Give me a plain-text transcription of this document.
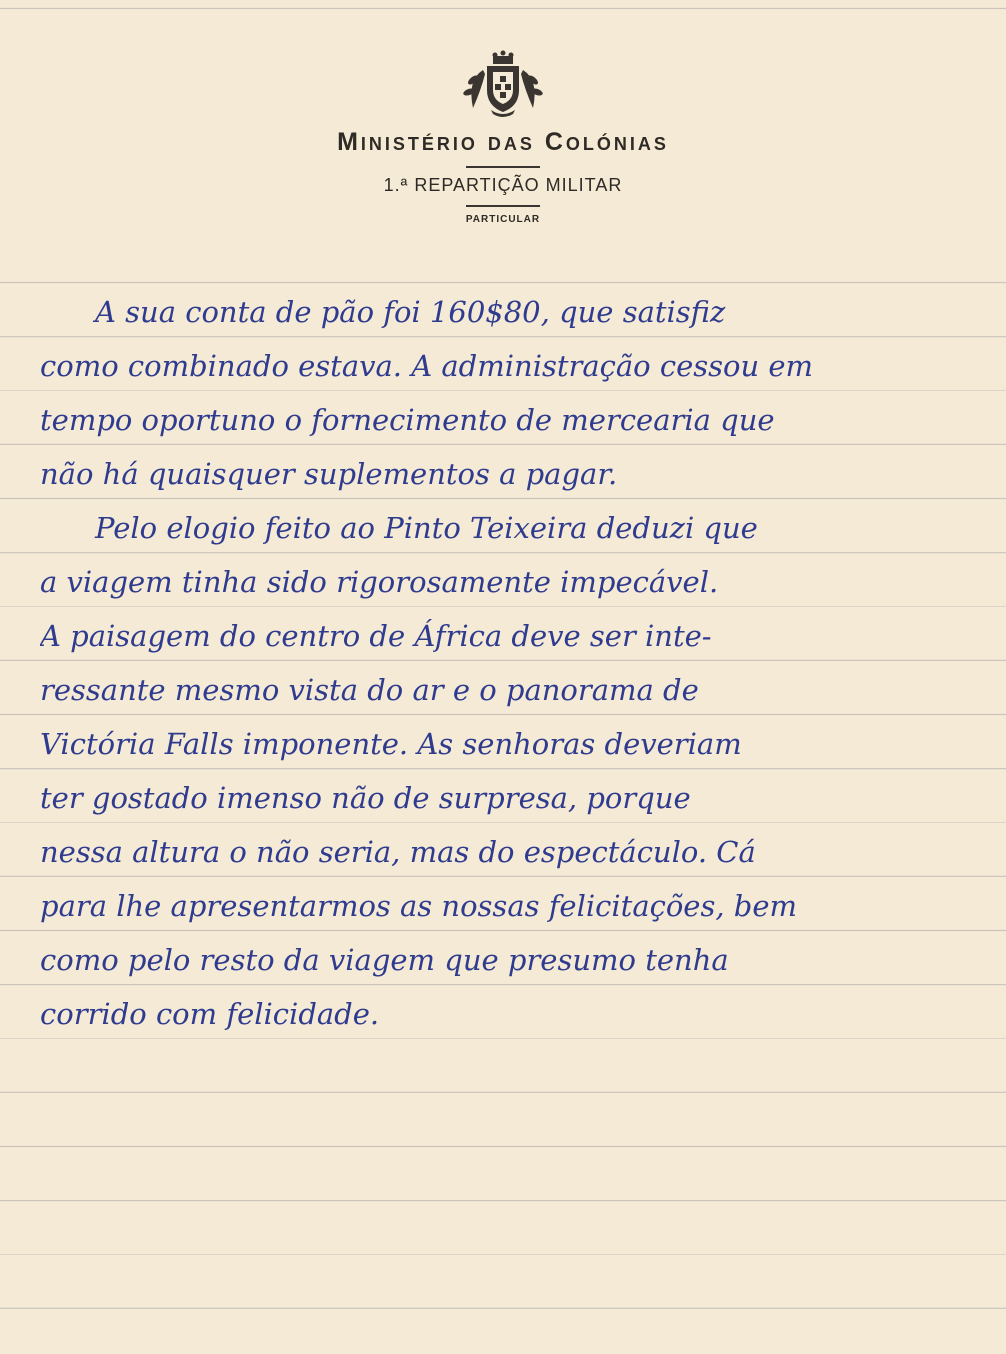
Ministério das Colónias
1.ª REPARTIÇÃO MILITAR
PARTICULAR
A sua conta de pão foi 160$80, que satisfiz
como combinado estava. A administração cessou em
tempo oportuno o fornecimento de mercearia que
não há quaisquer suplementos a pagar.
Pelo elogio feito ao Pinto Teixeira deduzi que
a viagem tinha sido rigorosamente impecável.
A paisagem do centro de África deve ser inte-
ressante mesmo vista do ar e o panorama de
Victória Falls imponente. As senhoras deveriam
ter gostado imenso não de surpresa, porque
nessa altura o não seria, mas do espectáculo. Cá
para lhe apresentarmos as nossas felicitações, bem
como pelo resto da viagem que presumo tenha
corrido com felicidade.
